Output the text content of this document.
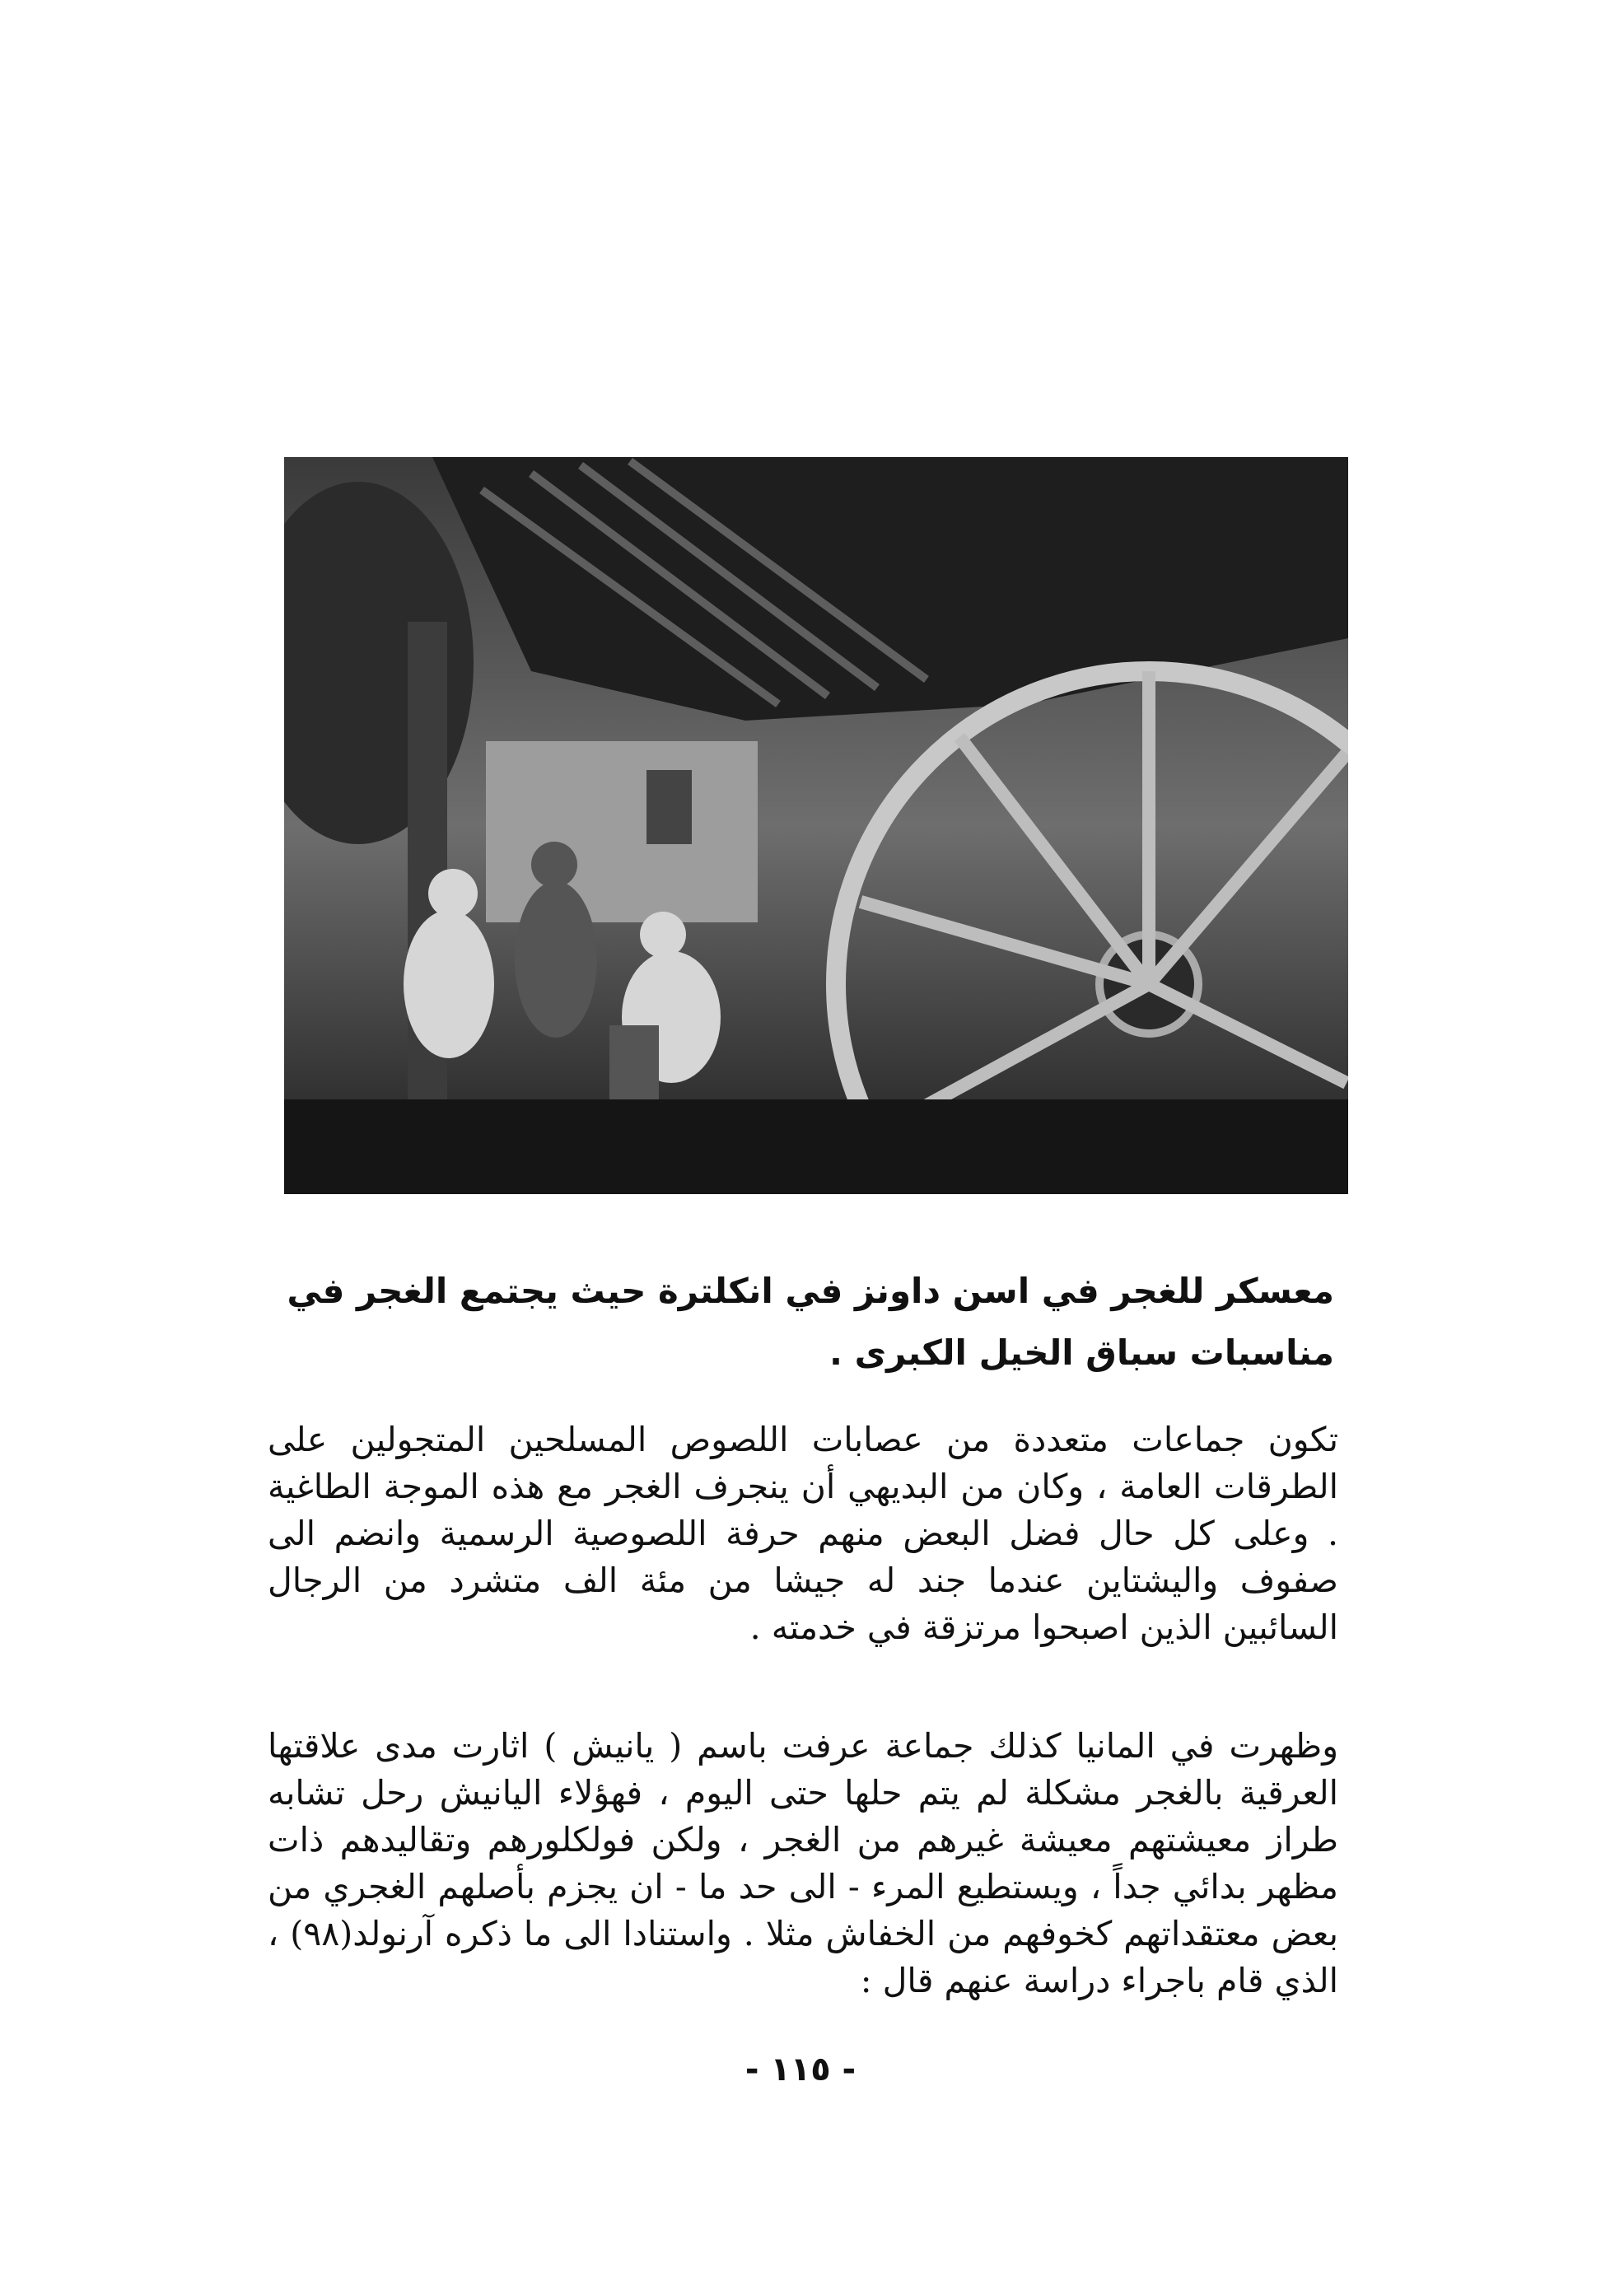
معسكر للغجر في اسن داونز في انكلترة حيث يجتمع الغجر في مناسبات سباق الخيل الكبرى .
تكون جماعات متعددة من عصابات اللصوص المسلحين المتجولين على الطرقات العامة ، وكان من البديهي أن ينجرف الغجر مع هذه الموجة الطاغية . وعلى كل حال فضل البعض منهم حرفة اللصوصية الرسمية وانضم الى صفوف واليشتاين عندما جند له جيشا من مئة الف متشرد من الرجال السائبين الذين اصبحوا مرتزقة في خدمته .
وظهرت في المانيا كذلك جماعة عرفت باسم ( يانيش ) اثارت مدى علاقتها العرقية بالغجر مشكلة لم يتم حلها حتى اليوم ، فهؤلاء اليانيش رحل تشابه طراز معيشتهم معيشة غيرهم من الغجر ، ولكن فولكلورهم وتقاليدهم ذات مظهر بدائي جداً ، ويستطيع المرء - الى حد ما - ان يجزم بأصلهم الغجري من بعض معتقداتهم كخوفهم من الخفاش مثلا . واستنادا الى ما ذكره آرنولد(٩٨) ، الذي قام باجراء دراسة عنهم قال :
- ١١٥ -
